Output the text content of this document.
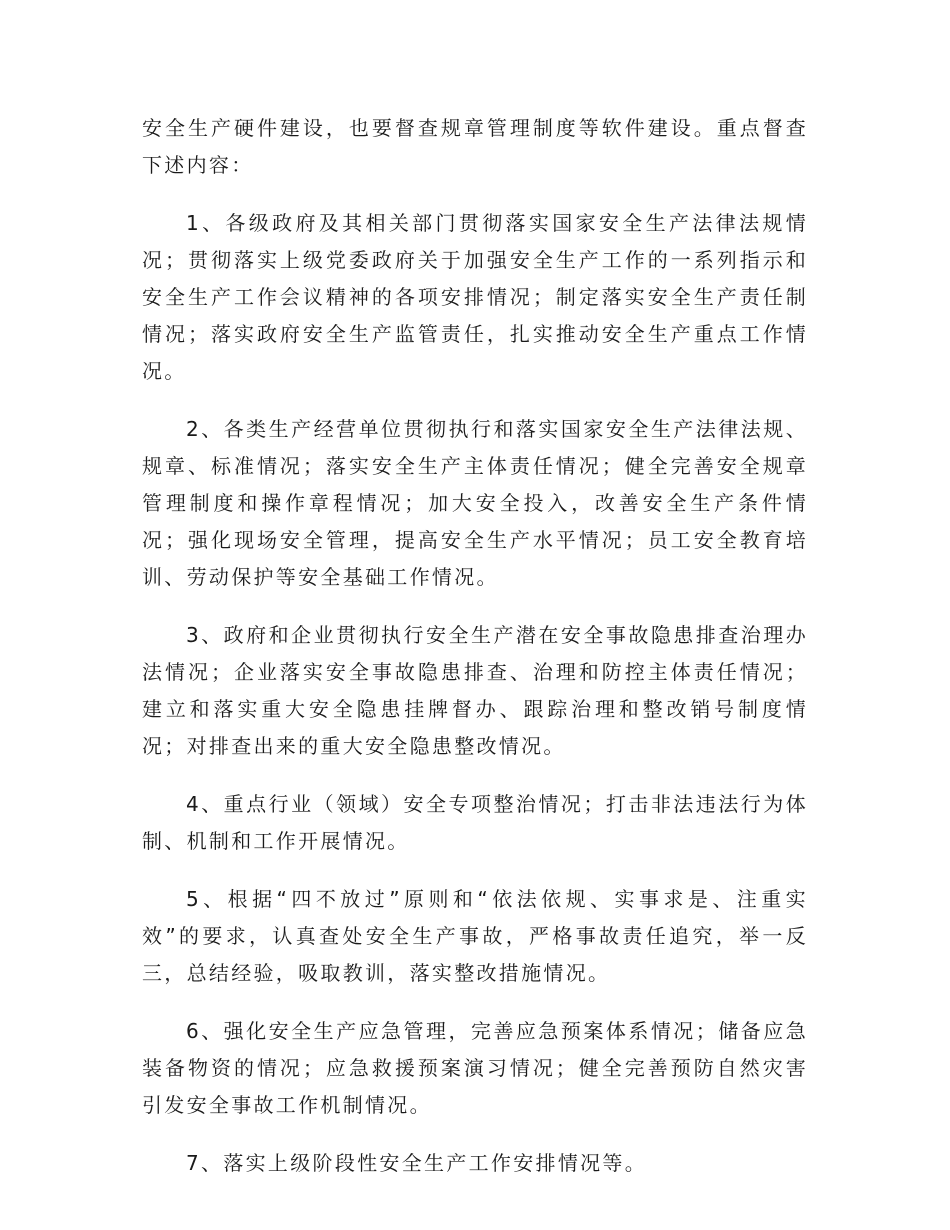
安全生产硬件建设，也要督查规章管理制度等软件建设。重点督查下述内容：

1、各级政府及其相关部门贯彻落实国家安全生产法律法规情况；贯彻落实上级党委政府关于加强安全生产工作的一系列指示和安全生产工作会议精神的各项安排情况；制定落实安全生产责任制情况；落实政府安全生产监管责任，扎实推动安全生产重点工作情况。

2、各类生产经营单位贯彻执行和落实国家安全生产法律法规、规章、标准情况；落实安全生产主体责任情况；健全完善安全规章管理制度和操作章程情况；加大安全投入，改善安全生产条件情况；强化现场安全管理，提高安全生产水平情况；员工安全教育培训、劳动保护等安全基础工作情况。

3、政府和企业贯彻执行安全生产潜在安全事故隐患排查治理办法情况；企业落实安全事故隐患排查、治理和防控主体责任情况；建立和落实重大安全隐患挂牌督办、跟踪治理和整改销号制度情况；对排查出来的重大安全隐患整改情况。

4、重点行业（领域）安全专项整治情况；打击非法违法行为体制、机制和工作开展情况。

5、根据“四不放过”原则和“依法依规、实事求是、注重实效”的要求，认真查处安全生产事故，严格事故责任追究，举一反三，总结经验，吸取教训，落实整改措施情况。

6、强化安全生产应急管理，完善应急预案体系情况；储备应急装备物资的情况；应急救援预案演习情况；健全完善预防自然灾害引发安全事故工作机制情况。

7、落实上级阶段性安全生产工作安排情况等。
